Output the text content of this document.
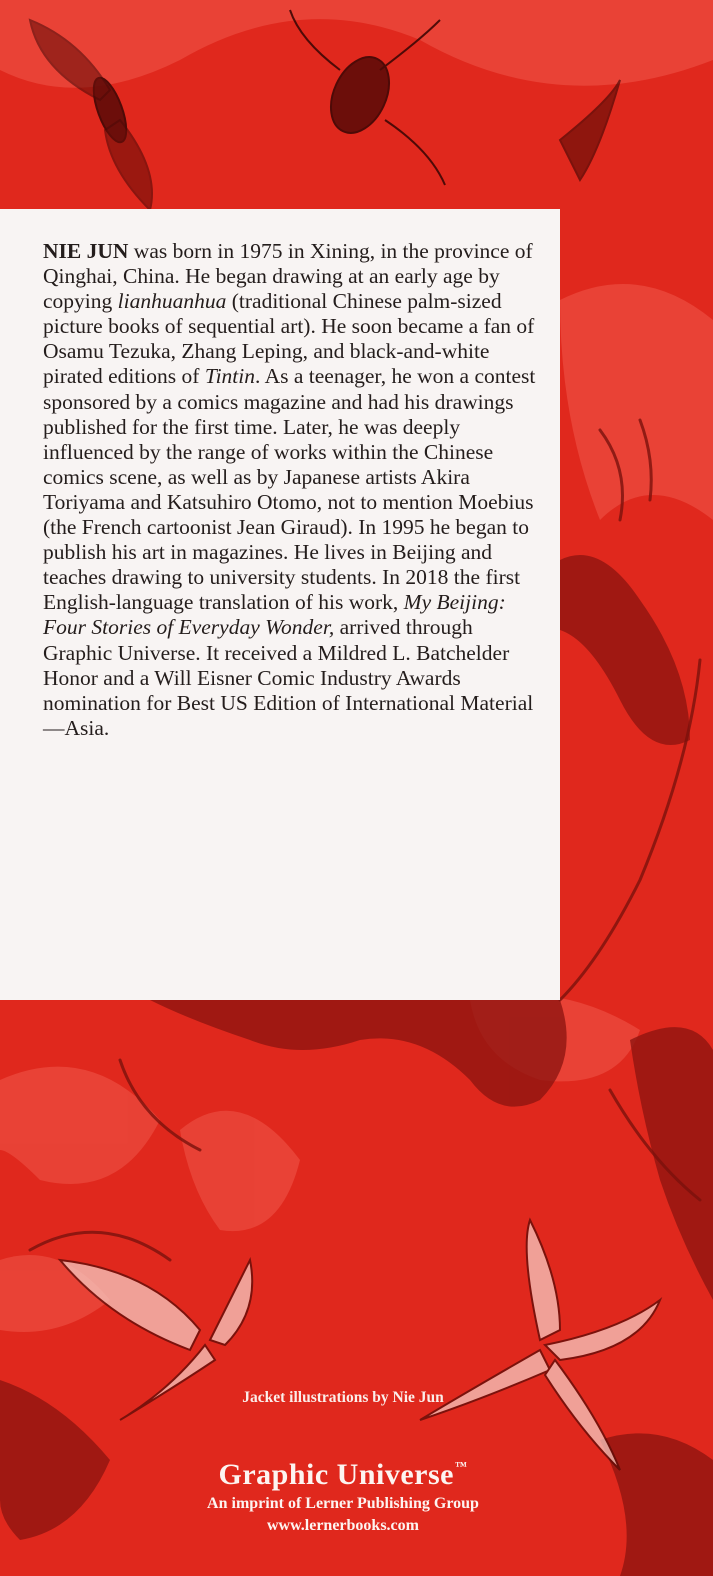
NIE JUN was born in 1975 in Xining, in the province of Qinghai, China. He began drawing at an early age by copying lianhuanhua (traditional Chinese palm-sized picture books of sequential art). He soon became a fan of Osamu Tezuka, Zhang Leping, and black-and-white pirated editions of Tintin. As a teenager, he won a contest sponsored by a comics magazine and had his drawings published for the first time. Later, he was deeply influenced by the range of works within the Chinese comics scene, as well as by Japanese artists Akira Toriyama and Katsuhiro Otomo, not to mention Moebius (the French cartoonist Jean Giraud). In 1995 he began to publish his art in magazines. He lives in Beijing and teaches drawing to university students. In 2018 the first English-language translation of his work, My Beijing: Four Stories of Everyday Wonder, arrived through Graphic Universe. It received a Mildred L. Batchelder Honor and a Will Eisner Comic Industry Awards nomination for Best US Edition of International Material—Asia.

Jacket illustrations by Nie Jun
Graphic Universe™
An imprint of Lerner Publishing Group
www.lernerbooks.com
